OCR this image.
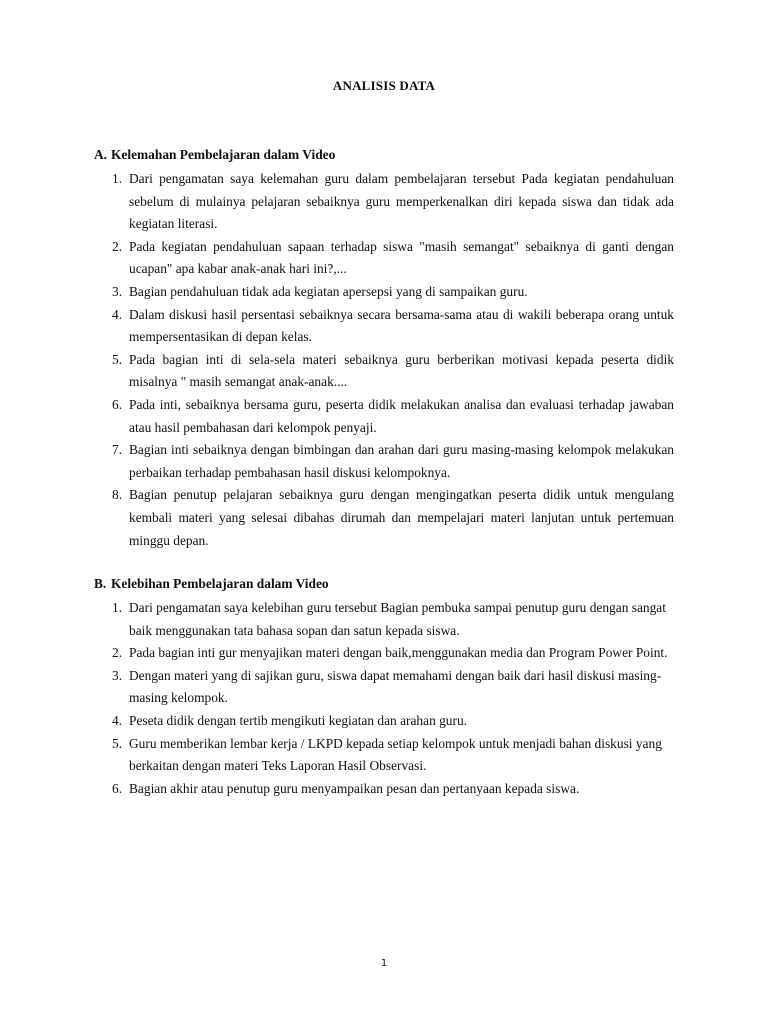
ANALISIS DATA
A. Kelemahan Pembelajaran dalam Video
1. Dari pengamatan saya kelemahan guru dalam pembelajaran tersebut Pada kegiatan pendahuluan sebelum di mulainya pelajaran sebaiknya guru memperkenalkan diri kepada siswa dan tidak ada kegiatan literasi.
2. Pada kegiatan pendahuluan sapaan terhadap siswa "masih semangat" sebaiknya di ganti dengan ucapan" apa kabar anak-anak hari ini?,...
3. Bagian pendahuluan tidak ada kegiatan apersepsi yang di sampaikan guru.
4. Dalam diskusi hasil persentasi sebaiknya secara bersama-sama atau di wakili beberapa orang untuk mempersentasikan di depan kelas.
5. Pada bagian inti di sela-sela materi sebaiknya guru berberikan motivasi kepada peserta didik misalnya " masih semangat anak-anak....
6. Pada inti, sebaiknya bersama guru, peserta didik melakukan analisa dan evaluasi terhadap jawaban atau hasil pembahasan dari kelompok penyaji.
7. Bagian inti sebaiknya dengan bimbingan dan arahan dari guru masing-masing kelompok melakukan perbaikan terhadap pembahasan hasil diskusi kelompoknya.
8. Bagian penutup pelajaran sebaiknya guru dengan mengingatkan peserta didik untuk mengulang kembali materi yang selesai dibahas dirumah dan mempelajari materi lanjutan untuk pertemuan minggu depan.
B. Kelebihan Pembelajaran dalam Video
1. Dari pengamatan saya kelebihan guru tersebut Bagian pembuka sampai penutup guru dengan sangat baik menggunakan tata bahasa sopan dan satun kepada siswa.
2. Pada bagian inti gur menyajikan materi dengan baik,menggunakan media dan Program Power Point.
3. Dengan materi yang di sajikan guru, siswa dapat memahami dengan baik dari hasil diskusi masing-masing kelompok.
4. Peseta didik dengan tertib mengikuti kegiatan dan arahan guru.
5. Guru memberikan lembar kerja / LKPD kepada setiap kelompok untuk menjadi bahan diskusi yang berkaitan dengan materi Teks Laporan Hasil Observasi.
6. Bagian akhir atau penutup guru menyampaikan pesan dan pertanyaan kepada siswa.
1
